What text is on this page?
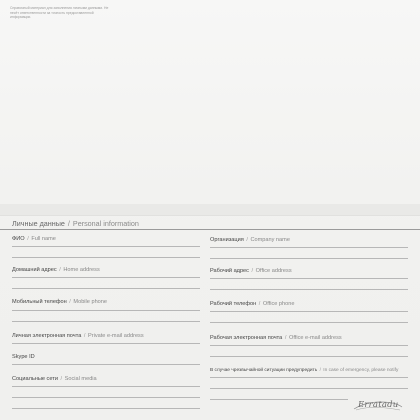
Справочный материал для заполнения личными данными. Не несёт ответственности за точность предоставленной информации.
Личные данные / Personal information
ФИО / Full name
Домашний адрес / Home address
Мобильный телефон / Mobile phone
Личная электронная почта / Private e-mail address
Skype ID
Социальные сети / Social media
Организация / Company name
Рабочий адрес / Office address
Рабочий телефон / Office phone
Рабочая электронная почта / Office e-mail address
В случае чрезвычайной ситуации предупредить / In case of emergency, please notify
Erratadu
